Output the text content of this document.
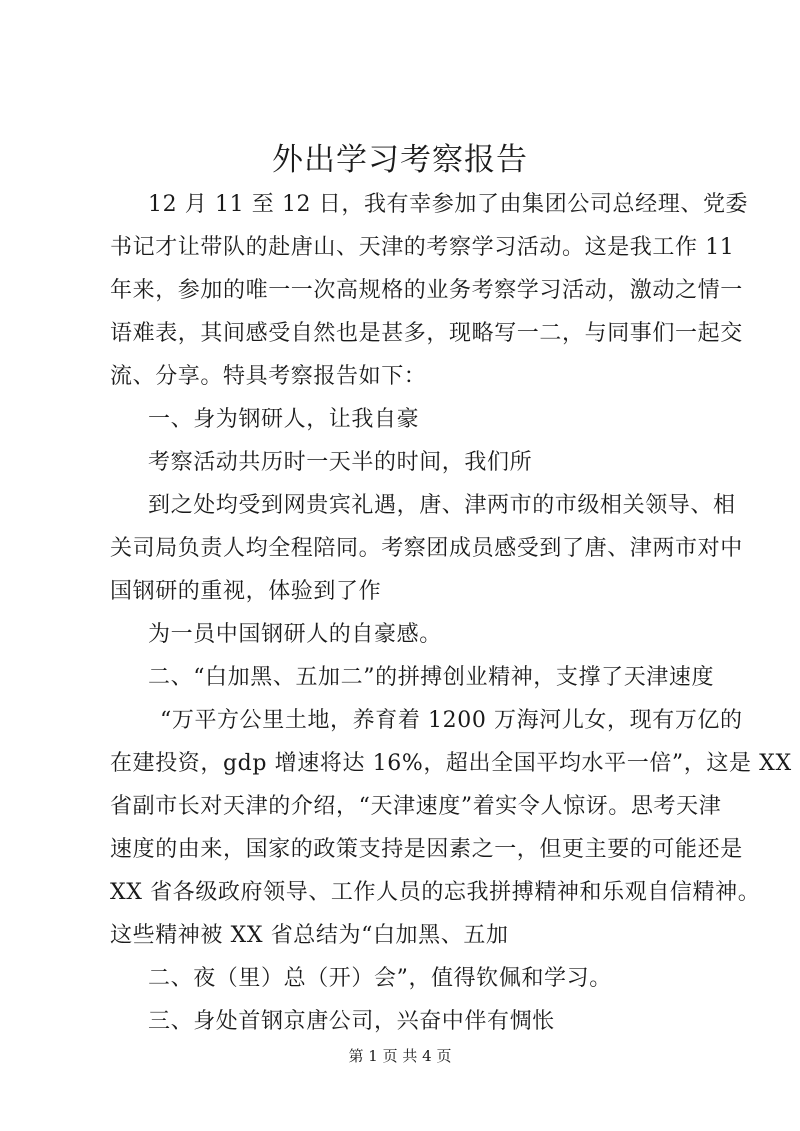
外出学习考察报告
12 月 11 至 12 日，我有幸参加了由集团公司总经理、党委
书记才让带队的赴唐山、天津的考察学习活动。这是我工作 11
年来，参加的唯一一次高规格的业务考察学习活动，激动之情一
语难表，其间感受自然也是甚多，现略写一二，与同事们一起交
流、分享。特具考察报告如下：
一、身为钢研人，让我自豪
考察活动共历时一天半的时间，我们所
到之处均受到网贵宾礼遇，唐、津两市的市级相关领导、相
关司局负责人均全程陪同。考察团成员感受到了唐、津两市对中
国钢研的重视，体验到了作
为一员中国钢研人的自豪感。
二、“白加黑、五加二”的拼搏创业精神，支撑了天津速度
“万平方公里土地，养育着 1200 万海河儿女，现有万亿的
在建投资，gdp 增速将达 16%，超出全国平均水平一倍”，这是 XX
省副市长对天津的介绍，“天津速度”着实令人惊讶。思考天津
速度的由来，国家的政策支持是因素之一，但更主要的可能还是
XX 省各级政府领导、工作人员的忘我拼搏精神和乐观自信精神。
这些精神被 XX 省总结为“白加黑、五加
二、夜（里）总（开）会”，值得钦佩和学习。
三、身处首钢京唐公司，兴奋中伴有惆怅
第 1 页 共 4 页
